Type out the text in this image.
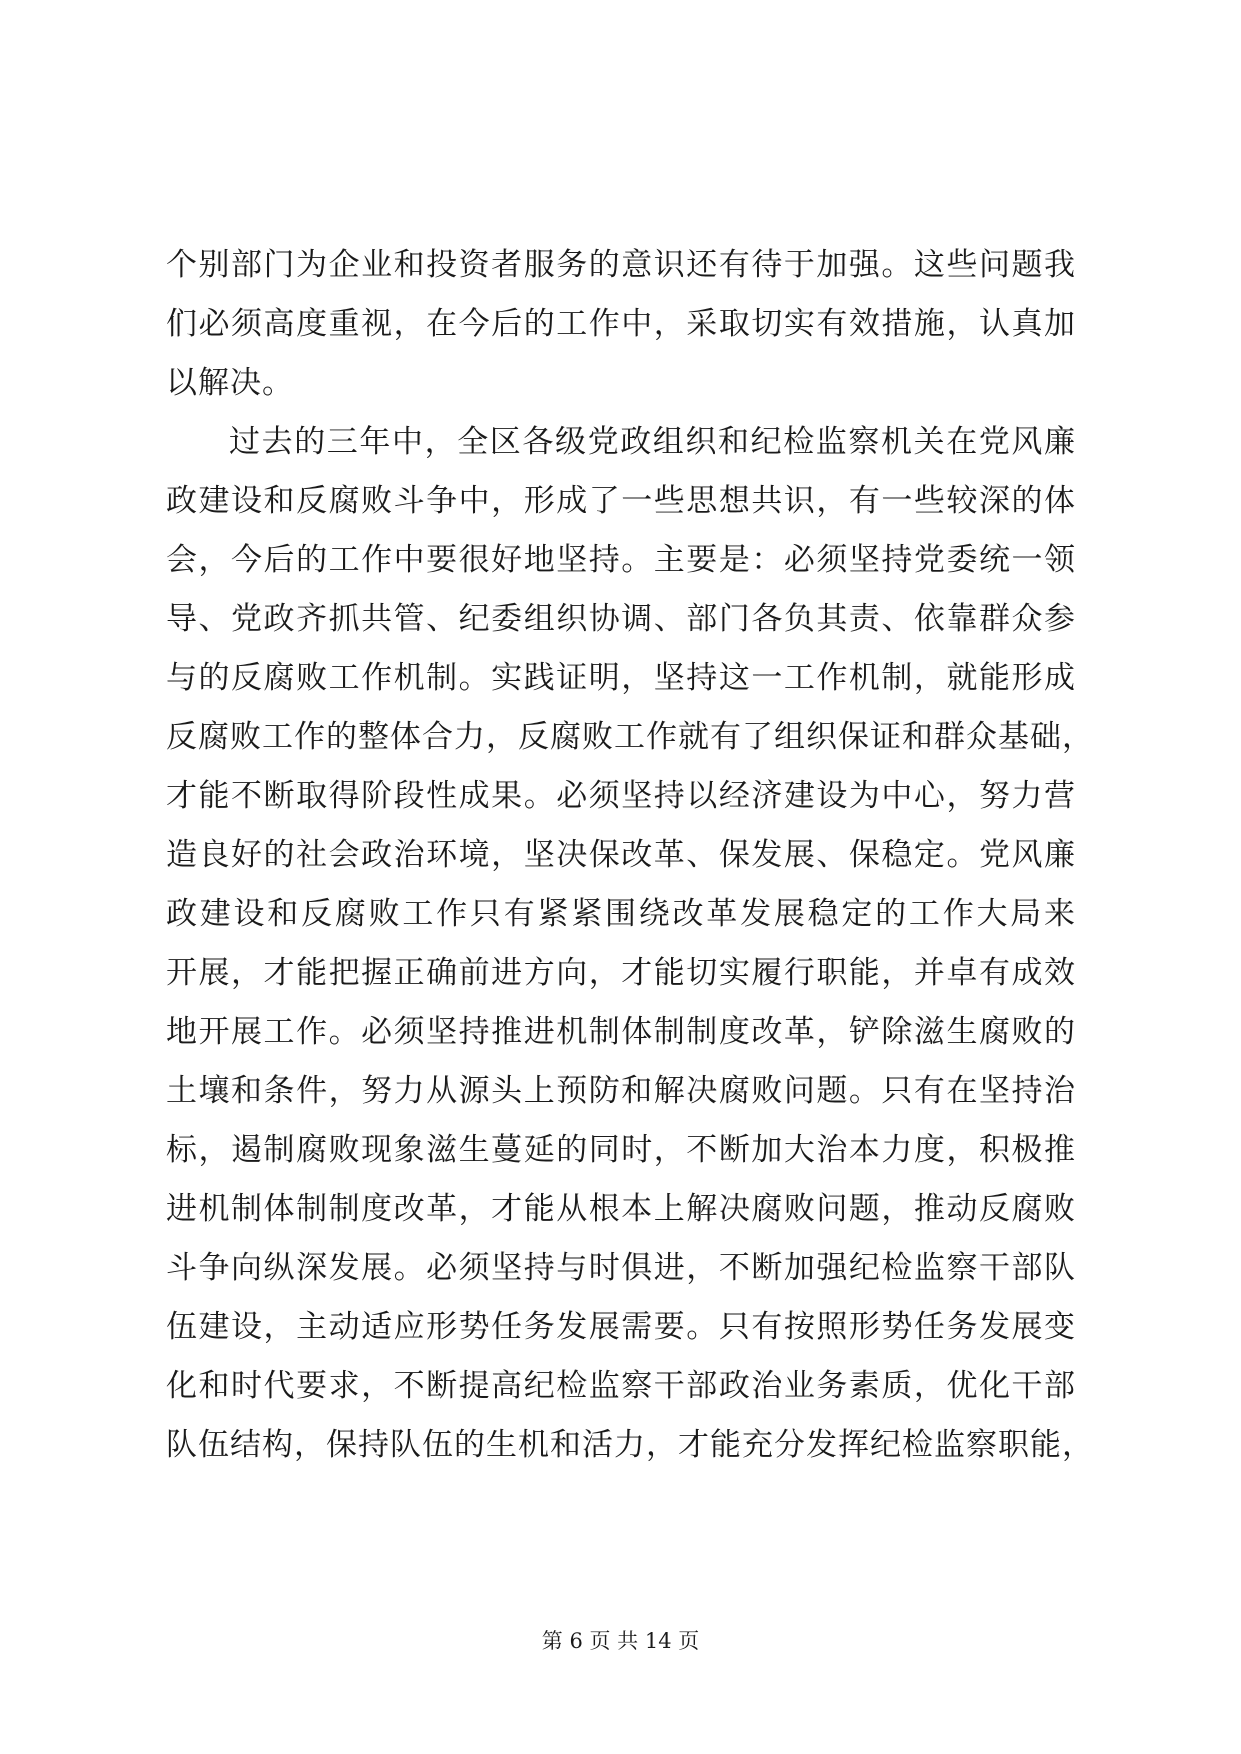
个别部门为企业和投资者服务的意识还有待于加强。这些问题我
们必须高度重视，在今后的工作中，采取切实有效措施，认真加
以解决。
过去的三年中，全区各级党政组织和纪检监察机关在党风廉
政建设和反腐败斗争中，形成了一些思想共识，有一些较深的体
会，今后的工作中要很好地坚持。主要是：必须坚持党委统一领
导、党政齐抓共管、纪委组织协调、部门各负其责、依靠群众参
与的反腐败工作机制。实践证明，坚持这一工作机制，就能形成
反腐败工作的整体合力，反腐败工作就有了组织保证和群众基础，
才能不断取得阶段性成果。必须坚持以经济建设为中心，努力营
造良好的社会政治环境，坚决保改革、保发展、保稳定。党风廉
政建设和反腐败工作只有紧紧围绕改革发展稳定的工作大局来
开展，才能把握正确前进方向，才能切实履行职能，并卓有成效
地开展工作。必须坚持推进机制体制制度改革，铲除滋生腐败的
土壤和条件，努力从源头上预防和解决腐败问题。只有在坚持治
标，遏制腐败现象滋生蔓延的同时，不断加大治本力度，积极推
进机制体制制度改革，才能从根本上解决腐败问题，推动反腐败
斗争向纵深发展。必须坚持与时俱进，不断加强纪检监察干部队
伍建设，主动适应形势任务发展需要。只有按照形势任务发展变
化和时代要求，不断提高纪检监察干部政治业务素质，优化干部
队伍结构，保持队伍的生机和活力，才能充分发挥纪检监察职能，
第 6 页 共 14 页
